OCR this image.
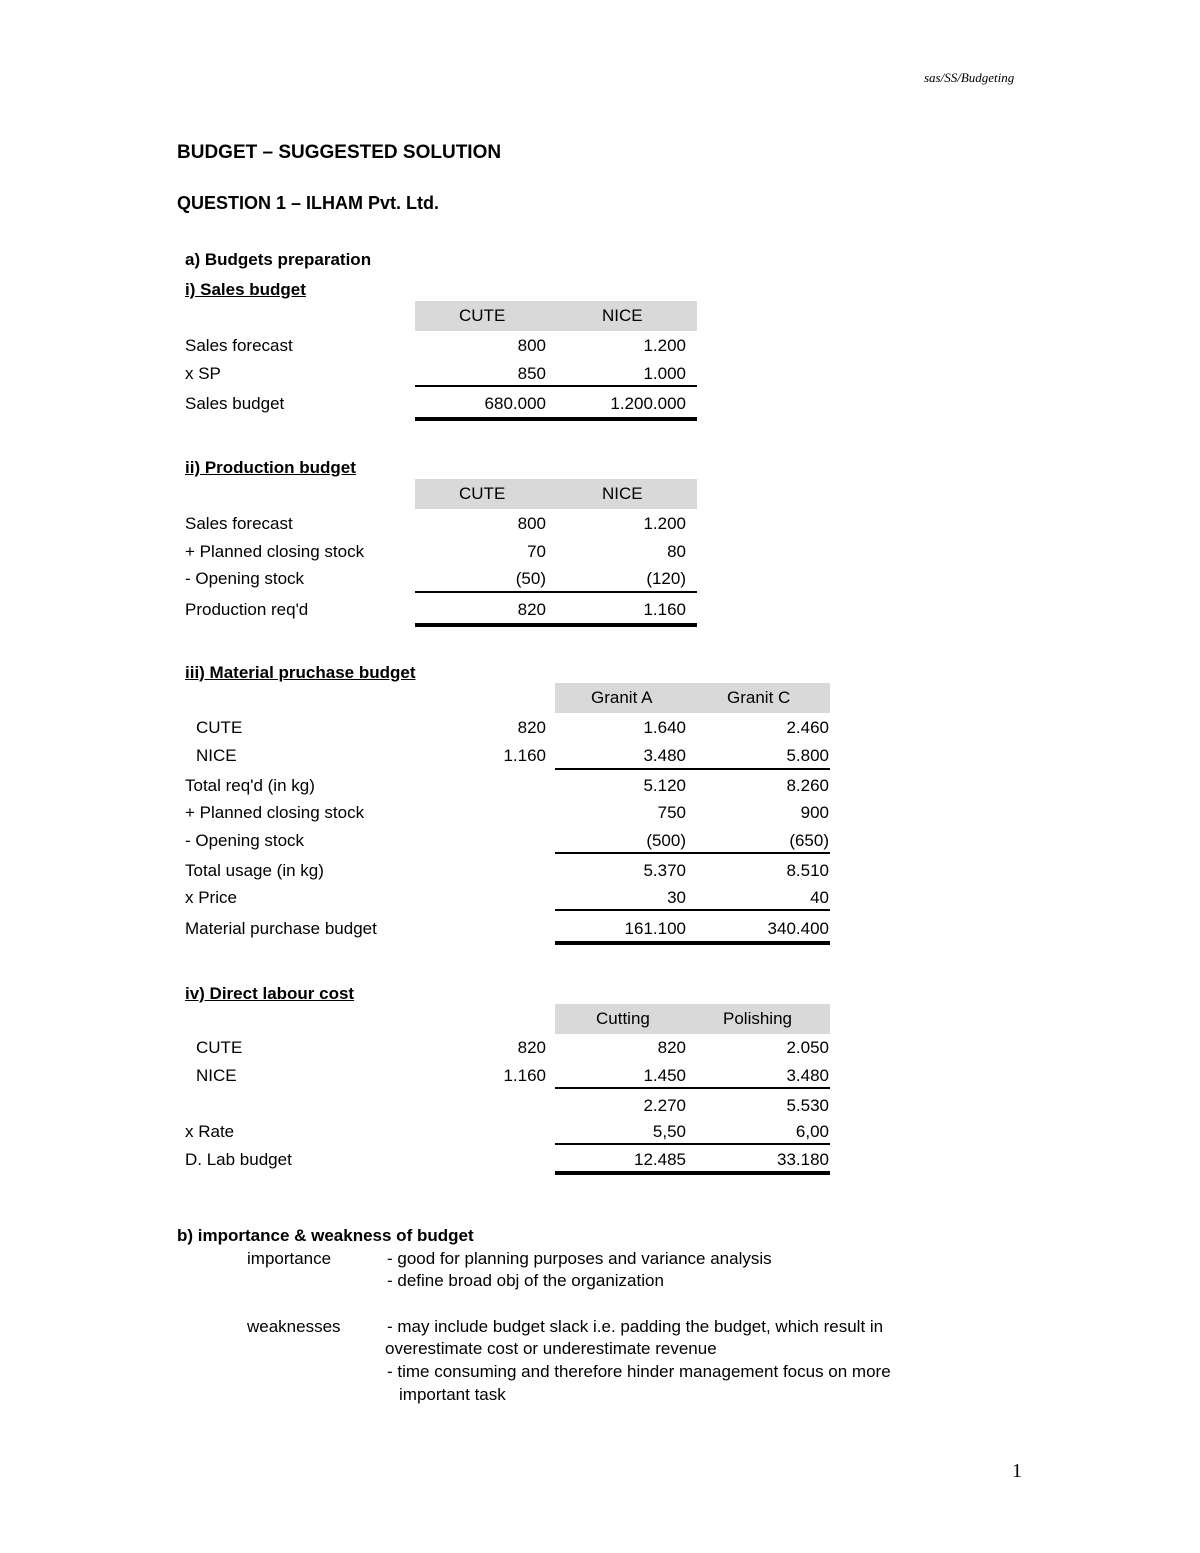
sas/SS/Budgeting
BUDGET – SUGGESTED SOLUTION
QUESTION 1 – ILHAM Pvt. Ltd.
a) Budgets preparation
i) Sales budget
CUTE	NICE
Sales forecast	800	1.200
x SP	850	1.000
Sales budget	680.000	1.200.000
ii) Production budget
CUTE	NICE
Sales forecast	800	1.200
+ Planned closing stock	70	80
- Opening stock	(50)	(120)
Production req'd	820	1.160
iii) Material pruchase budget
Granit A	Granit C
CUTE	820	1.640	2.460
NICE	1.160	3.480	5.800
Total req'd (in kg)	5.120	8.260
+ Planned closing stock	750	900
- Opening stock	(500)	(650)
Total usage (in kg)	5.370	8.510
x Price	30	40
Material purchase budget	161.100	340.400
iv) Direct labour cost
Cutting	Polishing
CUTE	820	820	2.050
NICE	1.160	1.450	3.480
2.270	5.530
x Rate	5,50	6,00
D. Lab budget	12.485	33.180
b) importance & weakness of budget
importance	- good for planning purposes and variance analysis
- define broad obj of the organization
weaknesses	- may include budget slack i.e. padding the budget, which result in
overestimate cost or underestimate revenue
- time consuming and therefore hinder management focus on more
important task
1
